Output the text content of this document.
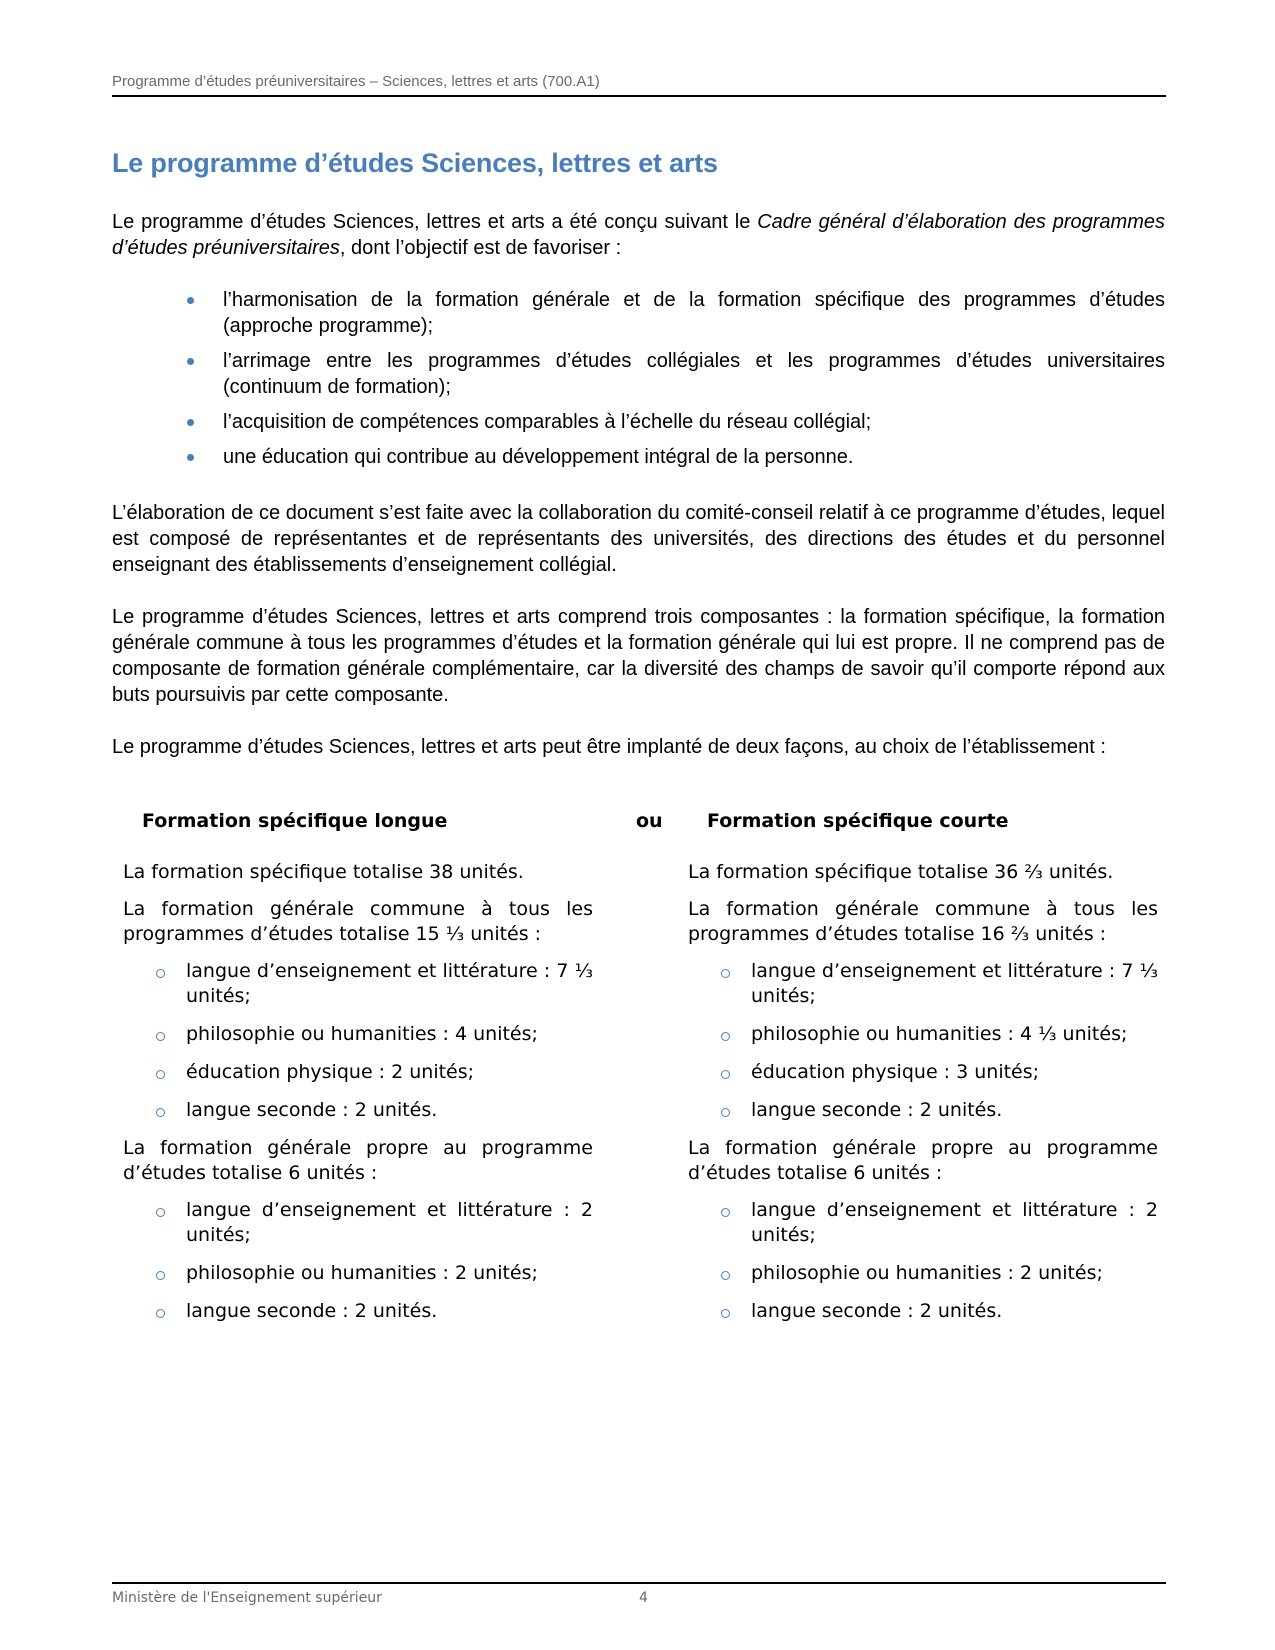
Programme d’études préuniversitaires – Sciences, lettres et arts (700.A1)
Le programme d’études Sciences, lettres et arts

Le programme d’études Sciences, lettres et arts a été conçu suivant le Cadre général d’élaboration des programmes d’études préuniversitaires, dont l’objectif est de favoriser :

l’harmonisation de la formation générale et de la formation spécifique des programmes d’études (approche programme);
l’arrimage entre les programmes d’études collégiales et les programmes d’études universitaires (continuum de formation);
l’acquisition de compétences comparables à l’échelle du réseau collégial;
une éducation qui contribue au développement intégral de la personne.

L’élaboration de ce document s’est faite avec la collaboration du comité-conseil relatif à ce programme d’études, lequel est composé de représentantes et de représentants des universités, des directions des études et du personnel enseignant des établissements d’enseignement collégial.

Le programme d’études Sciences, lettres et arts comprend trois composantes : la formation spécifique, la formation générale commune à tous les programmes d’études et la formation générale qui lui est propre. Il ne comprend pas de composante de formation générale complémentaire, car la diversité des champs de savoir qu’il comporte répond aux buts poursuivis par cette composante.

Le programme d’études Sciences, lettres et arts peut être implanté de deux façons, au choix de l’établissement :

Formation spécifique longue	ou Formation spécifique courte

La formation spécifique totalise 38 unités.

La formation générale commune à tous les programmes d’études totalise 15 ⅓ unités :

langue d’enseignement et littérature : 7 ⅓ unités;
philosophie ou humanities : 4 unités;
éducation physique : 2 unités;
langue seconde : 2 unités.

La formation générale propre au programme d’études totalise 6 unités :

langue d’enseignement et littérature : 2 unités;
philosophie ou humanities : 2 unités;
langue seconde : 2 unités.

La formation spécifique totalise 36 ⅔ unités.

La formation générale commune à tous les programmes d’études totalise 16 ⅔ unités :

langue d’enseignement et littérature : 7 ⅓ unités;
philosophie ou humanities : 4 ⅓ unités;
éducation physique : 3 unités;
langue seconde : 2 unités.

La formation générale propre au programme d’études totalise 6 unités :

langue d’enseignement et littérature : 2 unités;
philosophie ou humanities : 2 unités;
langue seconde : 2 unités.
Ministère de l'Enseignement supérieur	4
